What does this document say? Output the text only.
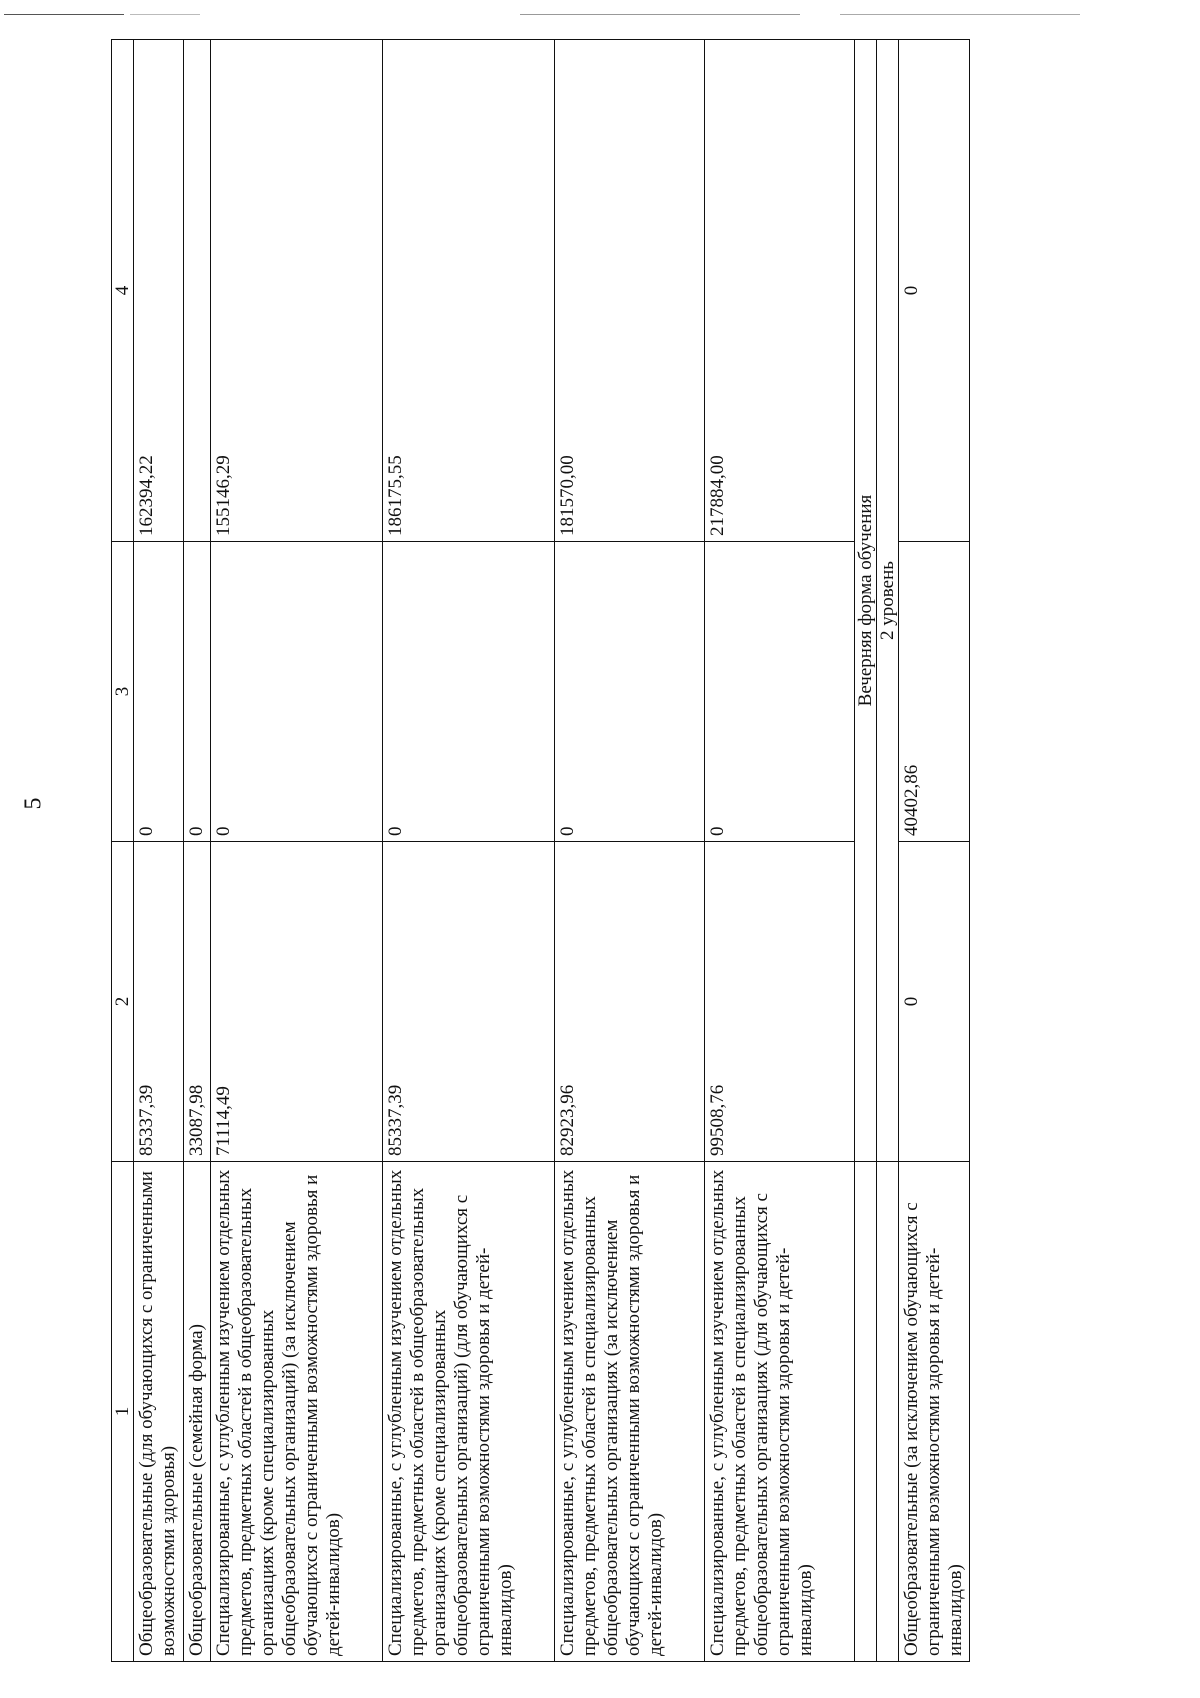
5
1	2	3	4
Общеобразовательные (для обучающихся с ограниченными возможностями здоровья)	85337,39	0	162394,22
Общеобразовательные (семейная форма)	33087,98	0	
Специализированные, с углубленным изучением отдельных предметов, предметных областей в общеобразовательных организациях (кроме специализированных общеобразовательных организаций) (за исключением обучающихся с ограниченными возможностями здоровья и детей-инвалидов)	71114,49	0	155146,29
Специализированные, с углубленным изучением отдельных предметов, предметных областей в общеобразовательных организациях (кроме специализированных общеобразовательных организаций) (для обучающихся с ограниченными возможностями здоровья и детей-инвалидов)	85337,39	0	186175,55
Специализированные, с углубленным изучением отдельных предметов, предметных областей в специализированных общеобразовательных организациях (за исключением обучающихся с ограниченными возможностями здоровья и детей-инвалидов)	82923,96	0	181570,00
Специализированные, с углубленным изучением отдельных предметов, предметных областей в специализированных общеобразовательных организациях (для обучающихся с ограниченными возможностями здоровья и детей-инвалидов)	99508,76	0	217884,00
	Вечерняя форма обучения		
	2 уровень		
Общеобразовательные (за исключением обучающихся с ограниченными возможностями здоровья и детей-инвалидов)	0	40402,86	0
